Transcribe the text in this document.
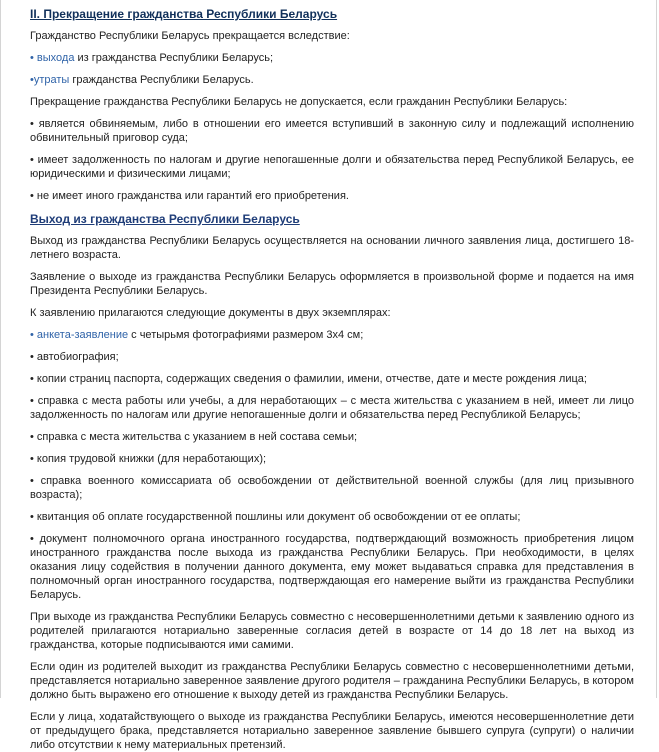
II. Прекращение гражданства Республики Беларусь

Гражданство Республики Беларусь прекращается вследствие:

• выхода из гражданства Республики Беларусь;

•утраты гражданства Республики Беларусь.

Прекращение гражданства Республики Беларусь не допускается, если гражданин Республики Беларусь:

• является обвиняемым, либо в отношении его имеется вступивший в законную силу и подлежащий исполнению обвинительный приговор суда;

• имеет задолженность по налогам и другие непогашенные долги и обязательства перед Республикой Беларусь, ее юридическими и физическими лицами;

• не имеет иного гражданства или гарантий его приобретения.

Выход из гражданства Республики Беларусь

Выход из гражданства Республики Беларусь осуществляется на основании личного заявления лица, достигшего 18-летнего возраста.

Заявление о выходе из гражданства Республики Беларусь оформляется в произвольной форме и подается на имя Президента Республики Беларусь.

К заявлению прилагаются следующие документы в двух экземплярах:

• анкета-заявление с четырьмя фотографиями размером 3х4 см;

• автобиография;

• копии страниц паспорта, содержащих сведения о фамилии, имени, отчестве, дате и месте рождения лица;

• справка с места работы или учебы, а для неработающих – с места жительства с указанием в ней, имеет ли лицо задолженность по налогам или другие непогашенные долги и обязательства перед Республикой Беларусь;

• справка с места жительства с указанием в ней состава семьи;

• копия трудовой книжки (для неработающих);

• справка военного комиссариата об освобождении от действительной военной службы (для лиц призывного возраста);

• квитанция об оплате государственной пошлины или документ об освобождении от ее оплаты;

• документ полномочного органа иностранного государства, подтверждающий возможность приобретения лицом иностранного гражданства после выхода из гражданства Республики Беларусь. При необходимости, в целях оказания лицу содействия в получении данного документа, ему может выдаваться справка для представления в полномочный орган иностранного государства, подтверждающая его намерение выйти из гражданства Республики Беларусь.

При выходе из гражданства Республики Беларусь совместно с несовершеннолетними детьми к заявлению одного из родителей прилагаются нотариально заверенные согласия детей в возрасте от 14 до 18 лет на выход из гражданства, которые подписываются ими самими.

Если один из родителей выходит из гражданства Республики Беларусь совместно с несовершеннолетними детьми, представляется нотариально заверенное заявление другого родителя – гражданина Республики Беларусь, в котором должно быть выражено его отношение к выходу детей из гражданства Республики Беларусь.

Если у лица, ходатайствующего о выходе из гражданства Республики Беларусь, имеются несовершеннолетние дети от предыдущего брака, представляется нотариально заверенное заявление бывшего супруга (супруги) о наличии либо отсутствии к нему материальных претензий.
